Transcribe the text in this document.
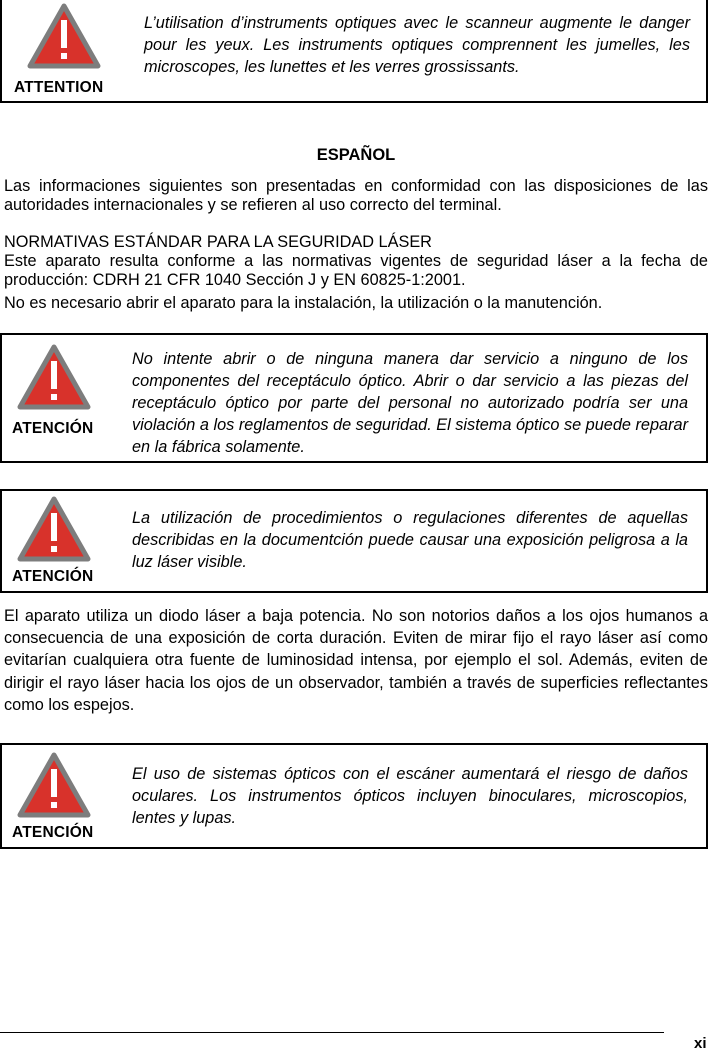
ATTENTION
L’utilisation d’instruments optiques avec le scanneur augmente le danger pour les yeux. Les instruments optiques comprennent les jumelles, les microscopes, les lunettes et les verres grossissants.
ESPAÑOL
Las informaciones siguientes son presentadas en conformidad con las disposiciones de las autoridades internacionales y se refieren al uso correcto del terminal.
NORMATIVAS ESTÁNDAR PARA LA SEGURIDAD LÁSER
Este aparato resulta conforme a las normativas vigentes de seguridad láser a la fecha de producción: CDRH 21 CFR 1040 Sección J y EN 60825-1:2001.
No es necesario abrir el aparato para la instalación, la utilización o la manutención.
ATENCIÓN
No intente abrir o de ninguna manera dar servicio a ninguno de los componentes del receptáculo óptico. Abrir o dar servicio a las piezas del receptáculo óptico por parte del personal no autorizado podría ser una violación a los reglamentos de seguridad. El sistema óptico se puede reparar en la fábrica solamente.
ATENCIÓN
La utilización de procedimientos o regulaciones diferentes de aquellas describidas en la documentción puede causar una exposición peligrosa a la luz láser visible.
El aparato utiliza un diodo láser a baja potencia. No son notorios daños a los ojos humanos a consecuencia de una exposición de corta duración. Eviten de mirar fijo el rayo láser así como evitarían cualquiera otra fuente de luminosidad intensa, por ejemplo el sol. Además, eviten de dirigir el rayo láser hacia los ojos de un observador, también a través de superficies reflectantes como los espejos.
ATENCIÓN
El uso de sistemas ópticos con el escáner aumentará el riesgo de daños oculares. Los instrumentos ópticos incluyen binoculares, microscopios, lentes y lupas.
xi
